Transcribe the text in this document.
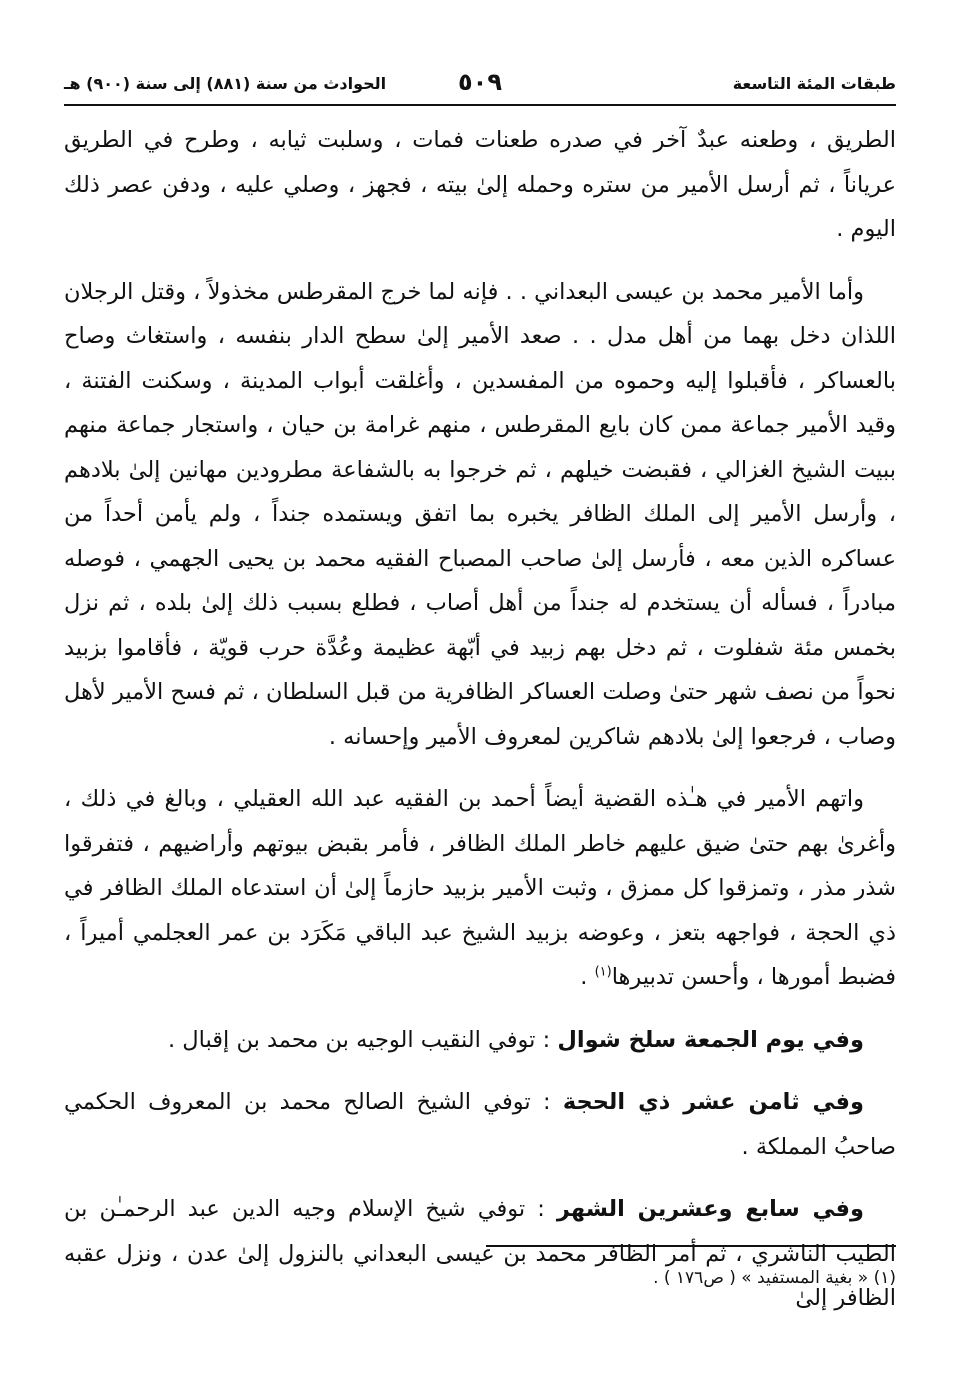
طبقات المئة التاسعة
٥٠٩
الحوادث من سنة (٨٨١) إلى سنة (٩٠٠) هـ

الطريق ، وطعنه عبدٌ آخر في صدره طعنات فمات ، وسلبت ثيابه ، وطرح في الطريق عرياناً ، ثم أرسل الأمير من ستره وحمله إلىٰ بيته ، فجهز ، وصلي عليه ، ودفن عصر ذلك اليوم .

وأما الأمير محمد بن عيسى البعداني . . فإنه لما خرج المقرطس مخذولاً ، وقتل الرجلان اللذان دخل بهما من أهل مدل . . صعد الأمير إلىٰ سطح الدار بنفسه ، واستغاث وصاح بالعساكر ، فأقبلوا إليه وحموه من المفسدين ، وأغلقت أبواب المدينة ، وسكنت الفتنة ، وقيد الأمير جماعة ممن كان بايع المقرطس ، منهم غرامة بن حيان ، واستجار جماعة منهم ببيت الشيخ الغزالي ، فقبضت خيلهم ، ثم خرجوا به بالشفاعة مطرودين مهانين إلىٰ بلادهم ، وأرسل الأمير إلى الملك الظافر يخبره بما اتفق ويستمده جنداً ، ولم يأمن أحداً من عساكره الذين معه ، فأرسل إلىٰ صاحب المصباح الفقيه محمد بن يحيى الجهمي ، فوصله مبادراً ، فسأله أن يستخدم له جنداً من أهل أصاب ، فطلع بسبب ذلك إلىٰ بلده ، ثم نزل بخمس مئة شفلوت ، ثم دخل بهم زبيد في أبّهة عظيمة وعُدَّة حرب قويّة ، فأقاموا بزبيد نحواً من نصف شهر حتىٰ وصلت العساكر الظافرية من قبل السلطان ، ثم فسح الأمير لأهل وصاب ، فرجعوا إلىٰ بلادهم شاكرين لمعروف الأمير وإحسانه .

واتهم الأمير في هـٰذه القضية أيضاً أحمد بن الفقيه عبد الله العقيلي ، وبالغ في ذلك ، وأغرىٰ بهم حتىٰ ضيق عليهم خاطر الملك الظافر ، فأمر بقبض بيوتهم وأراضيهم ، فتفرقوا شذر مذر ، وتمزقوا كل ممزق ، وثبت الأمير بزبيد حازماً إلىٰ أن استدعاه الملك الظافر في ذي الحجة ، فواجهه بتعز ، وعوضه بزبيد الشيخ عبد الباقي مَكَرَد بن عمر العجلمي أميراً ، فضبط أمورها ، وأحسن تدبيرها$^{(١)}$ .

وفي يوم الجمعة سلخ شوال : توفي النقيب الوجيه بن محمد بن إقبال .

وفي ثامن عشر ذي الحجة : توفي الشيخ الصالح محمد بن المعروف الحكمي صاحبُ المملكة .

وفي سابع وعشرين الشهر : توفي شيخ الإسلام وجيه الدين عبد الرحمـٰن بن الطيب الناشري ، ثم أمر الظافر محمد بن عيسى البعداني بالنزول إلىٰ عدن ، ونزل عقبه الظافر إلىٰ

(١) « بغية المستفيد » ( ص١٧٦ ) .
